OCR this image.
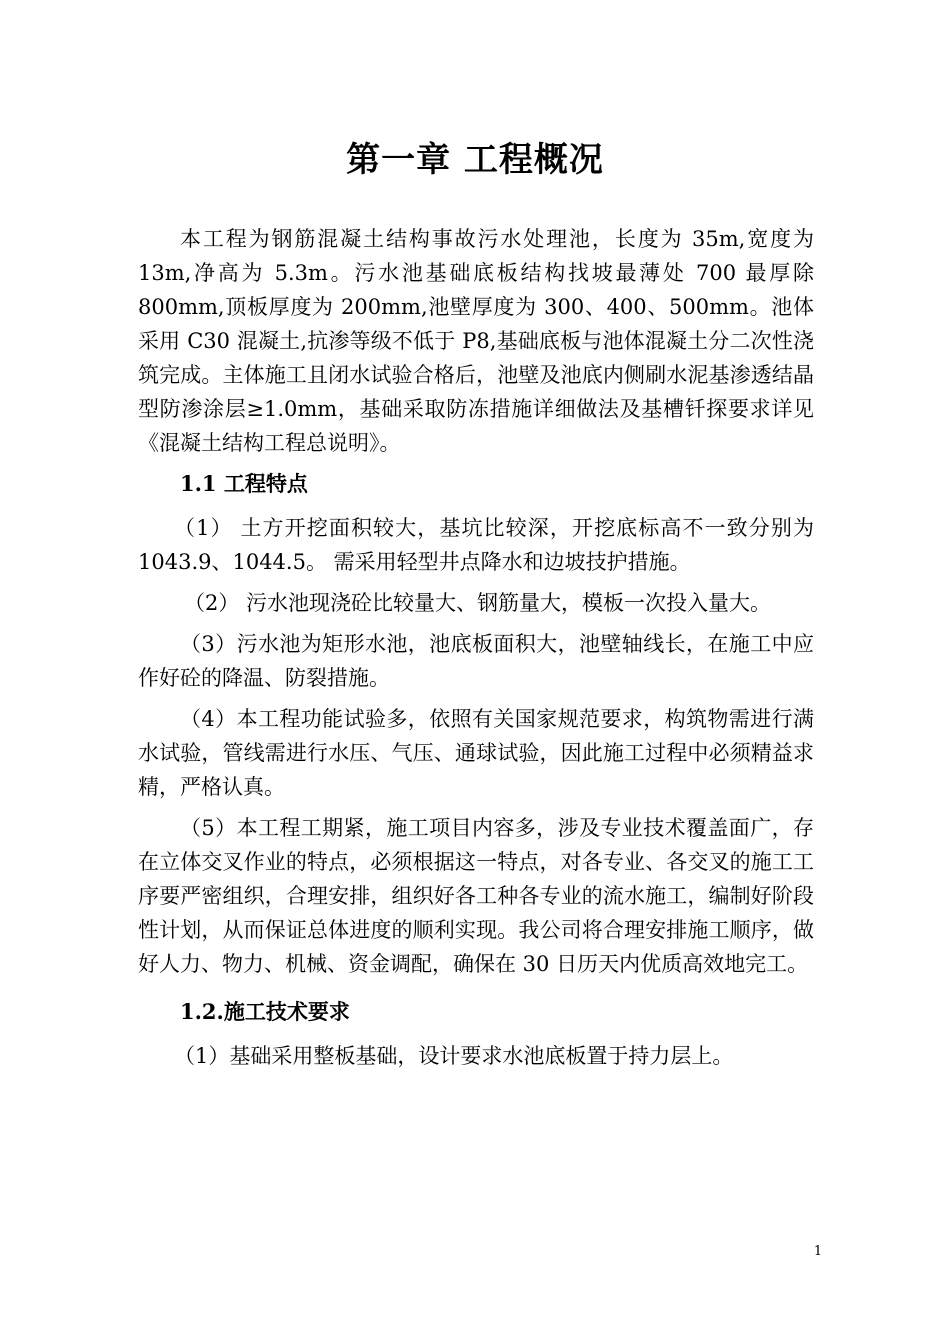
第一章 工程概况

本工程为钢筋混凝土结构事故污水处理池，长度为 35m,宽度为 13m,净高为 5.3m。污水池基础底板结构找坡最薄处 700 最厚除 800mm,顶板厚度为 200mm,池壁厚度为 300、400、500mm。池体采用 C30 混凝土,抗渗等级不低于 P8,基础底板与池体混凝土分二次性浇筑完成。主体施工且闭水试验合格后，池壁及池底内侧刷水泥基渗透结晶型防渗涂层≥1.0mm，基础采取防冻措施详细做法及基槽钎探要求详见《混凝土结构工程总说明》。

1.1 工程特点

（1） 土方开挖面积较大，基坑比较深，开挖底标高不一致分别为 1043.9、1044.5。 需采用轻型井点降水和边坡技护措施。

（2） 污水池现浇砼比较量大、钢筋量大，模板一次投入量大。

（3）污水池为矩形水池，池底板面积大，池壁轴线长，在施工中应作好砼的降温、防裂措施。

（4）本工程功能试验多，依照有关国家规范要求，构筑物需进行满水试验，管线需进行水压、气压、通球试验，因此施工过程中必须精益求精，严格认真。

（5）本工程工期紧，施工项目内容多，涉及专业技术覆盖面广，存在立体交叉作业的特点，必须根据这一特点，对各专业、各交叉的施工工序要严密组织，合理安排，组织好各工种各专业的流水施工，编制好阶段性计划，从而保证总体进度的顺利实现。我公司将合理安排施工顺序，做好人力、物力、机械、资金调配，确保在 30 日历天内优质高效地完工。

1.2.施工技术要求

（1）基础采用整板基础，设计要求水池底板置于持力层上。

1
